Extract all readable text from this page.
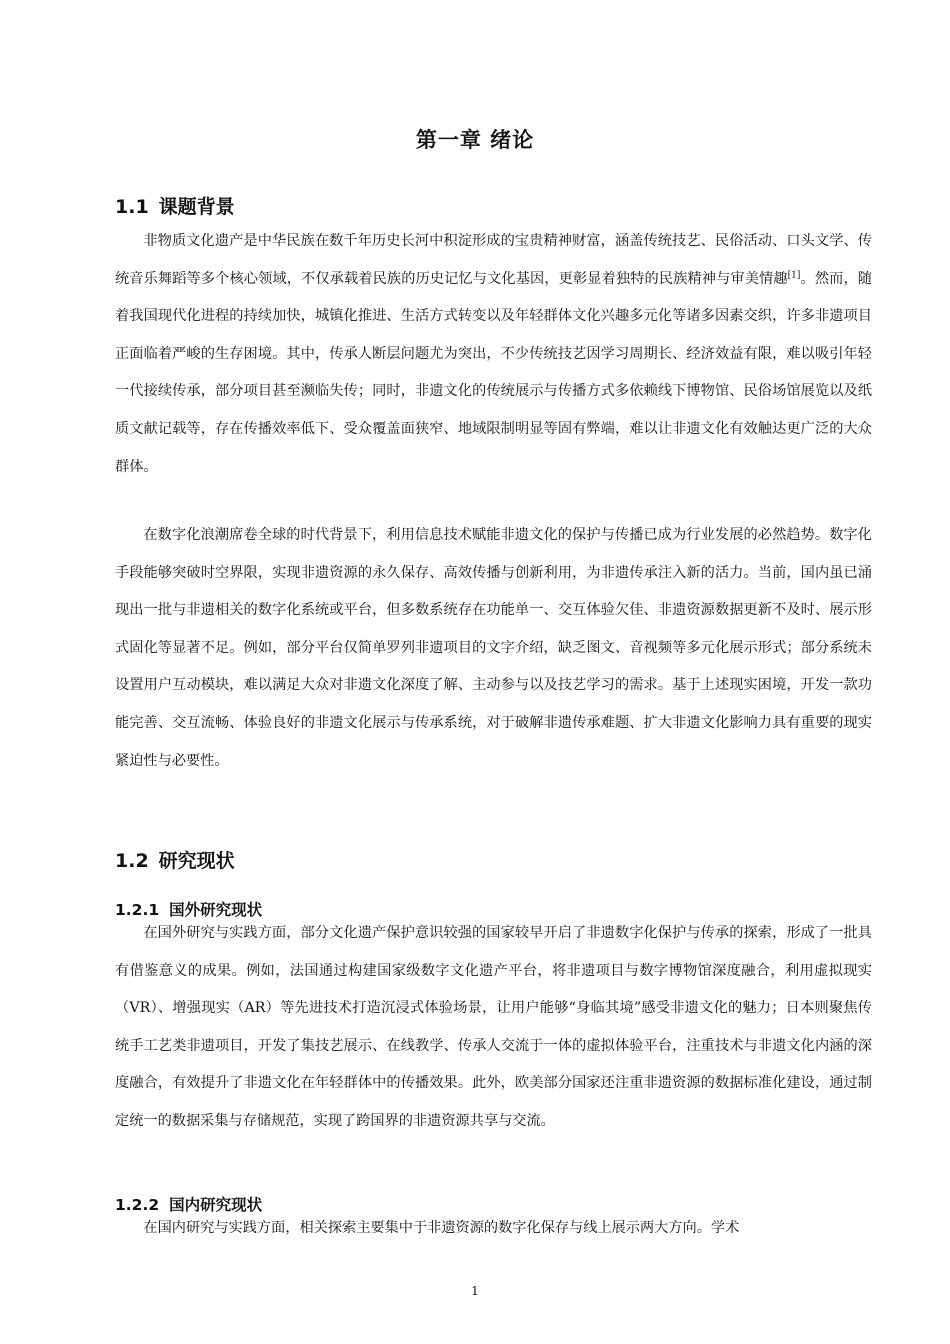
第一章 绪论
1.1 课题背景

非物质文化遗产是中华民族在数千年历史长河中积淀形成的宝贵精神财富，涵盖传统技艺、民俗活动、口头文学、传统音乐舞蹈等多个核心领域，不仅承载着民族的历史记忆与文化基因，更彰显着独特的民族精神与审美情趣[1]。然而，随着我国现代化进程的持续加快，城镇化推进、生活方式转变以及年轻群体文化兴趣多元化等诸多因素交织，许多非遗项目正面临着严峻的生存困境。其中，传承人断层问题尤为突出，不少传统技艺因学习周期长、经济效益有限，难以吸引年轻一代接续传承，部分项目甚至濒临失传；同时，非遗文化的传统展示与传播方式多依赖线下博物馆、民俗场馆展览以及纸质文献记载等，存在传播效率低下、受众覆盖面狭窄、地域限制明显等固有弊端，难以让非遗文化有效触达更广泛的大众群体。

在数字化浪潮席卷全球的时代背景下，利用信息技术赋能非遗文化的保护与传播已成为行业发展的必然趋势。数字化手段能够突破时空界限，实现非遗资源的永久保存、高效传播与创新利用，为非遗传承注入新的活力。当前，国内虽已涌现出一批与非遗相关的数字化系统或平台，但多数系统存在功能单一、交互体验欠佳、非遗资源数据更新不及时、展示形式固化等显著不足。例如，部分平台仅简单罗列非遗项目的文字介绍，缺乏图文、音视频等多元化展示形式；部分系统未设置用户互动模块，难以满足大众对非遗文化深度了解、主动参与以及技艺学习的需求。基于上述现实困境，开发一款功能完善、交互流畅、体验良好的非遗文化展示与传承系统，对于破解非遗传承难题、扩大非遗文化影响力具有重要的现实紧迫性与必要性。

1.2 研究现状
1.2.1 国外研究现状

在国外研究与实践方面，部分文化遗产保护意识较强的国家较早开启了非遗数字化保护与传承的探索，形成了一批具有借鉴意义的成果。例如，法国通过构建国家级数字文化遗产平台，将非遗项目与数字博物馆深度融合，利用虚拟现实（VR）、增强现实（AR）等先进技术打造沉浸式体验场景，让用户能够“身临其境”感受非遗文化的魅力；日本则聚焦传统手工艺类非遗项目，开发了集技艺展示、在线教学、传承人交流于一体的虚拟体验平台，注重技术与非遗文化内涵的深度融合，有效提升了非遗文化在年轻群体中的传播效果。此外，欧美部分国家还注重非遗资源的数据标准化建设，通过制定统一的数据采集与存储规范，实现了跨国界的非遗资源共享与交流。

1.2.2 国内研究现状

在国内研究与实践方面，相关探索主要集中于非遗资源的数字化保存与线上展示两大方向。学术

1
